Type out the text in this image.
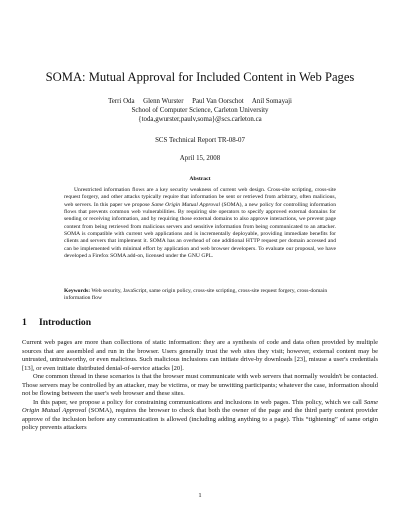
SOMA: Mutual Approval for Included Content in Web Pages
Terri Oda     Glenn Wurster     Paul Van Oorschot     Anil Somayaji
School of Computer Science, Carleton University
{toda,gwurster,paulv,soma}@scs.carleton.ca
SCS Technical Report TR-08-07
April 15, 2008
Abstract
Unrestricted information flows are a key security weakness of current web design. Cross-site scripting, cross-site request forgery, and other attacks typically require that information be sent or retrieved from arbitrary, often malicious, web servers. In this paper we propose Same Origin Mutual Approval (SOMA), a new policy for controlling information flows that prevents common web vulnerabilities. By requiring site operators to specify approved external domains for sending or receiving information, and by requiring those external domains to also approve interactions, we prevent page content from being retrieved from malicious servers and sensitive information from being communicated to an attacker. SOMA is compatible with current web applications and is incrementally deployable, providing immediate benefits for clients and servers that implement it. SOMA has an overhead of one additional HTTP request per domain accessed and can be implemented with minimal effort by application and web browser developers. To evaluate our proposal, we have developed a Firefox SOMA add-on, licensed under the GNU GPL.
Keywords: Web security, JavaScript, same origin policy, cross-site scripting, cross-site request forgery, cross-domain information flow
1 Introduction

Current web pages are more than collections of static information: they are a synthesis of code and data often provided by multiple sources that are assembled and run in the browser. Users generally trust the web sites they visit; however, external content may be untrusted, untrustworthy, or even malicious. Such malicious inclusions can initiate drive-by downloads [23], misuse a user's credentials [13], or even initiate distributed denial-of-service attacks [20].

One common thread in these scenarios is that the browser must communicate with web servers that normally wouldn't be contacted. Those servers may be controlled by an attacker, may be victims, or may be unwitting participants; whatever the case, information should not be flowing between the user's web browser and these sites.

In this paper, we propose a policy for constraining communications and inclusions in web pages. This policy, which we call Same Origin Mutual Approval (SOMA), requires the browser to check that both the owner of the page and the third party content provider approve of the inclusion before any communication is allowed (including adding anything to a page). This “tightening” of same origin policy prevents attackers

1
